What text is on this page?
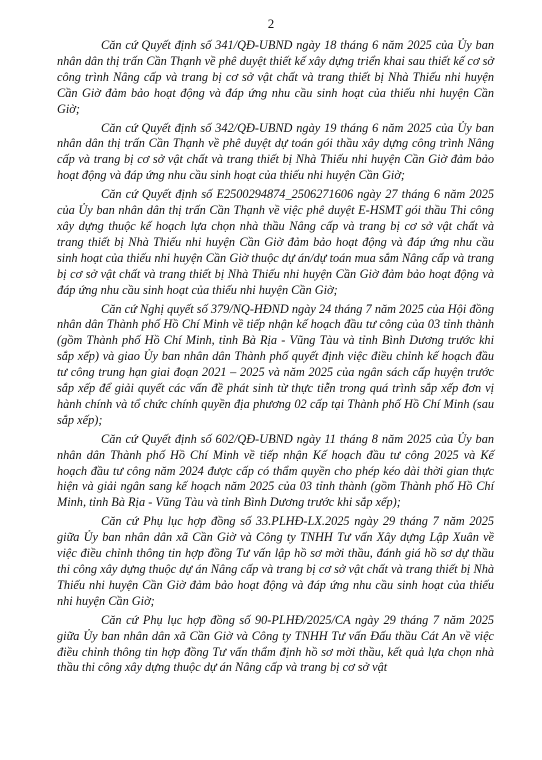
2

Căn cứ Quyết định số 341/QĐ-UBND ngày 18 tháng 6 năm 2025 của Ủy ban nhân dân thị trấn Cần Thạnh về phê duyệt thiết kế xây dựng triển khai sau thiết kế cơ sở công trình Nâng cấp và trang bị cơ sở vật chất và trang thiết bị Nhà Thiếu nhi huyện Cần Giờ đảm bảo hoạt động và đáp ứng nhu cầu sinh hoạt của thiếu nhi huyện Cần Giờ;

Căn cứ Quyết định số 342/QĐ-UBND ngày 19 tháng 6 năm 2025 của Ủy ban nhân dân thị trấn Cần Thạnh về phê duyệt dự toán gói thầu xây dựng công trình Nâng cấp và trang bị cơ sở vật chất và trang thiết bị Nhà Thiếu nhi huyện Cần Giờ đảm bảo hoạt động và đáp ứng nhu cầu sinh hoạt của thiếu nhi huyện Cần Giờ;

Căn cứ Quyết định số E2500294874_2506271606 ngày 27 tháng 6 năm 2025 của Ủy ban nhân dân thị trấn Cần Thạnh về việc phê duyệt E-HSMT gói thầu Thi công xây dựng thuộc kế hoạch lựa chọn nhà thầu Nâng cấp và trang bị cơ sở vật chất và trang thiết bị Nhà Thiếu nhi huyện Cần Giờ đảm bảo hoạt động và đáp ứng nhu cầu sinh hoạt của thiếu nhi huyện Cần Giờ thuộc dự án/dự toán mua sắm Nâng cấp và trang bị cơ sở vật chất và trang thiết bị Nhà Thiếu nhi huyện Cần Giờ đảm bảo hoạt động và đáp ứng nhu cầu sinh hoạt của thiếu nhi huyện Cần Giờ;

Căn cứ Nghị quyết số 379/NQ-HĐND ngày 24 tháng 7 năm 2025 của Hội đồng nhân dân Thành phố Hồ Chí Minh về tiếp nhận kế hoạch đầu tư công của 03 tỉnh thành (gồm Thành phố Hồ Chí Minh, tỉnh Bà Rịa - Vũng Tàu và tỉnh Bình Dương trước khi sắp xếp) và giao Ủy ban nhân dân Thành phố quyết định việc điều chỉnh kế hoạch đầu tư công trung hạn giai đoạn 2021 – 2025 và năm 2025 của ngân sách cấp huyện trước sắp xếp để giải quyết các vấn đề phát sinh từ thực tiễn trong quá trình sắp xếp đơn vị hành chính và tổ chức chính quyền địa phương 02 cấp tại Thành phố Hồ Chí Minh (sau sắp xếp);

Căn cứ Quyết định số 602/QĐ-UBND ngày 11 tháng 8 năm 2025 của Ủy ban nhân dân Thành phố Hồ Chí Minh về tiếp nhận Kế hoạch đầu tư công 2025 và Kế hoạch đầu tư công năm 2024 được cấp có thẩm quyền cho phép kéo dài thời gian thực hiện và giải ngân sang kế hoạch năm 2025 của 03 tỉnh thành (gồm Thành phố Hồ Chí Minh, tỉnh Bà Rịa - Vũng Tàu và tỉnh Bình Dương trước khi sắp xếp);

Căn cứ Phụ lục hợp đồng số 33.PLHĐ-LX.2025 ngày 29 tháng 7 năm 2025 giữa Ủy ban nhân dân xã Cần Giờ và Công ty TNHH Tư vấn Xây dựng Lập Xuân về việc điều chỉnh thông tin hợp đồng Tư vấn lập hồ sơ mời thầu, đánh giá hồ sơ dự thầu thi công xây dựng thuộc dự án Nâng cấp và trang bị cơ sở vật chất và trang thiết bị Nhà Thiếu nhi huyện Cần Giờ đảm bảo hoạt động và đáp ứng nhu cầu sinh hoạt của thiếu nhi huyện Cần Giờ;

Căn cứ Phụ lục hợp đồng số 90-PLHĐ/2025/CA ngày 29 tháng 7 năm 2025 giữa Ủy ban nhân dân xã Cần Giờ và Công ty TNHH Tư vấn Đấu thầu Cát An về việc điều chỉnh thông tin hợp đồng Tư vấn thẩm định hồ sơ mời thầu, kết quả lựa chọn nhà thầu thi công xây dựng thuộc dự án Nâng cấp và trang bị cơ sở vật
